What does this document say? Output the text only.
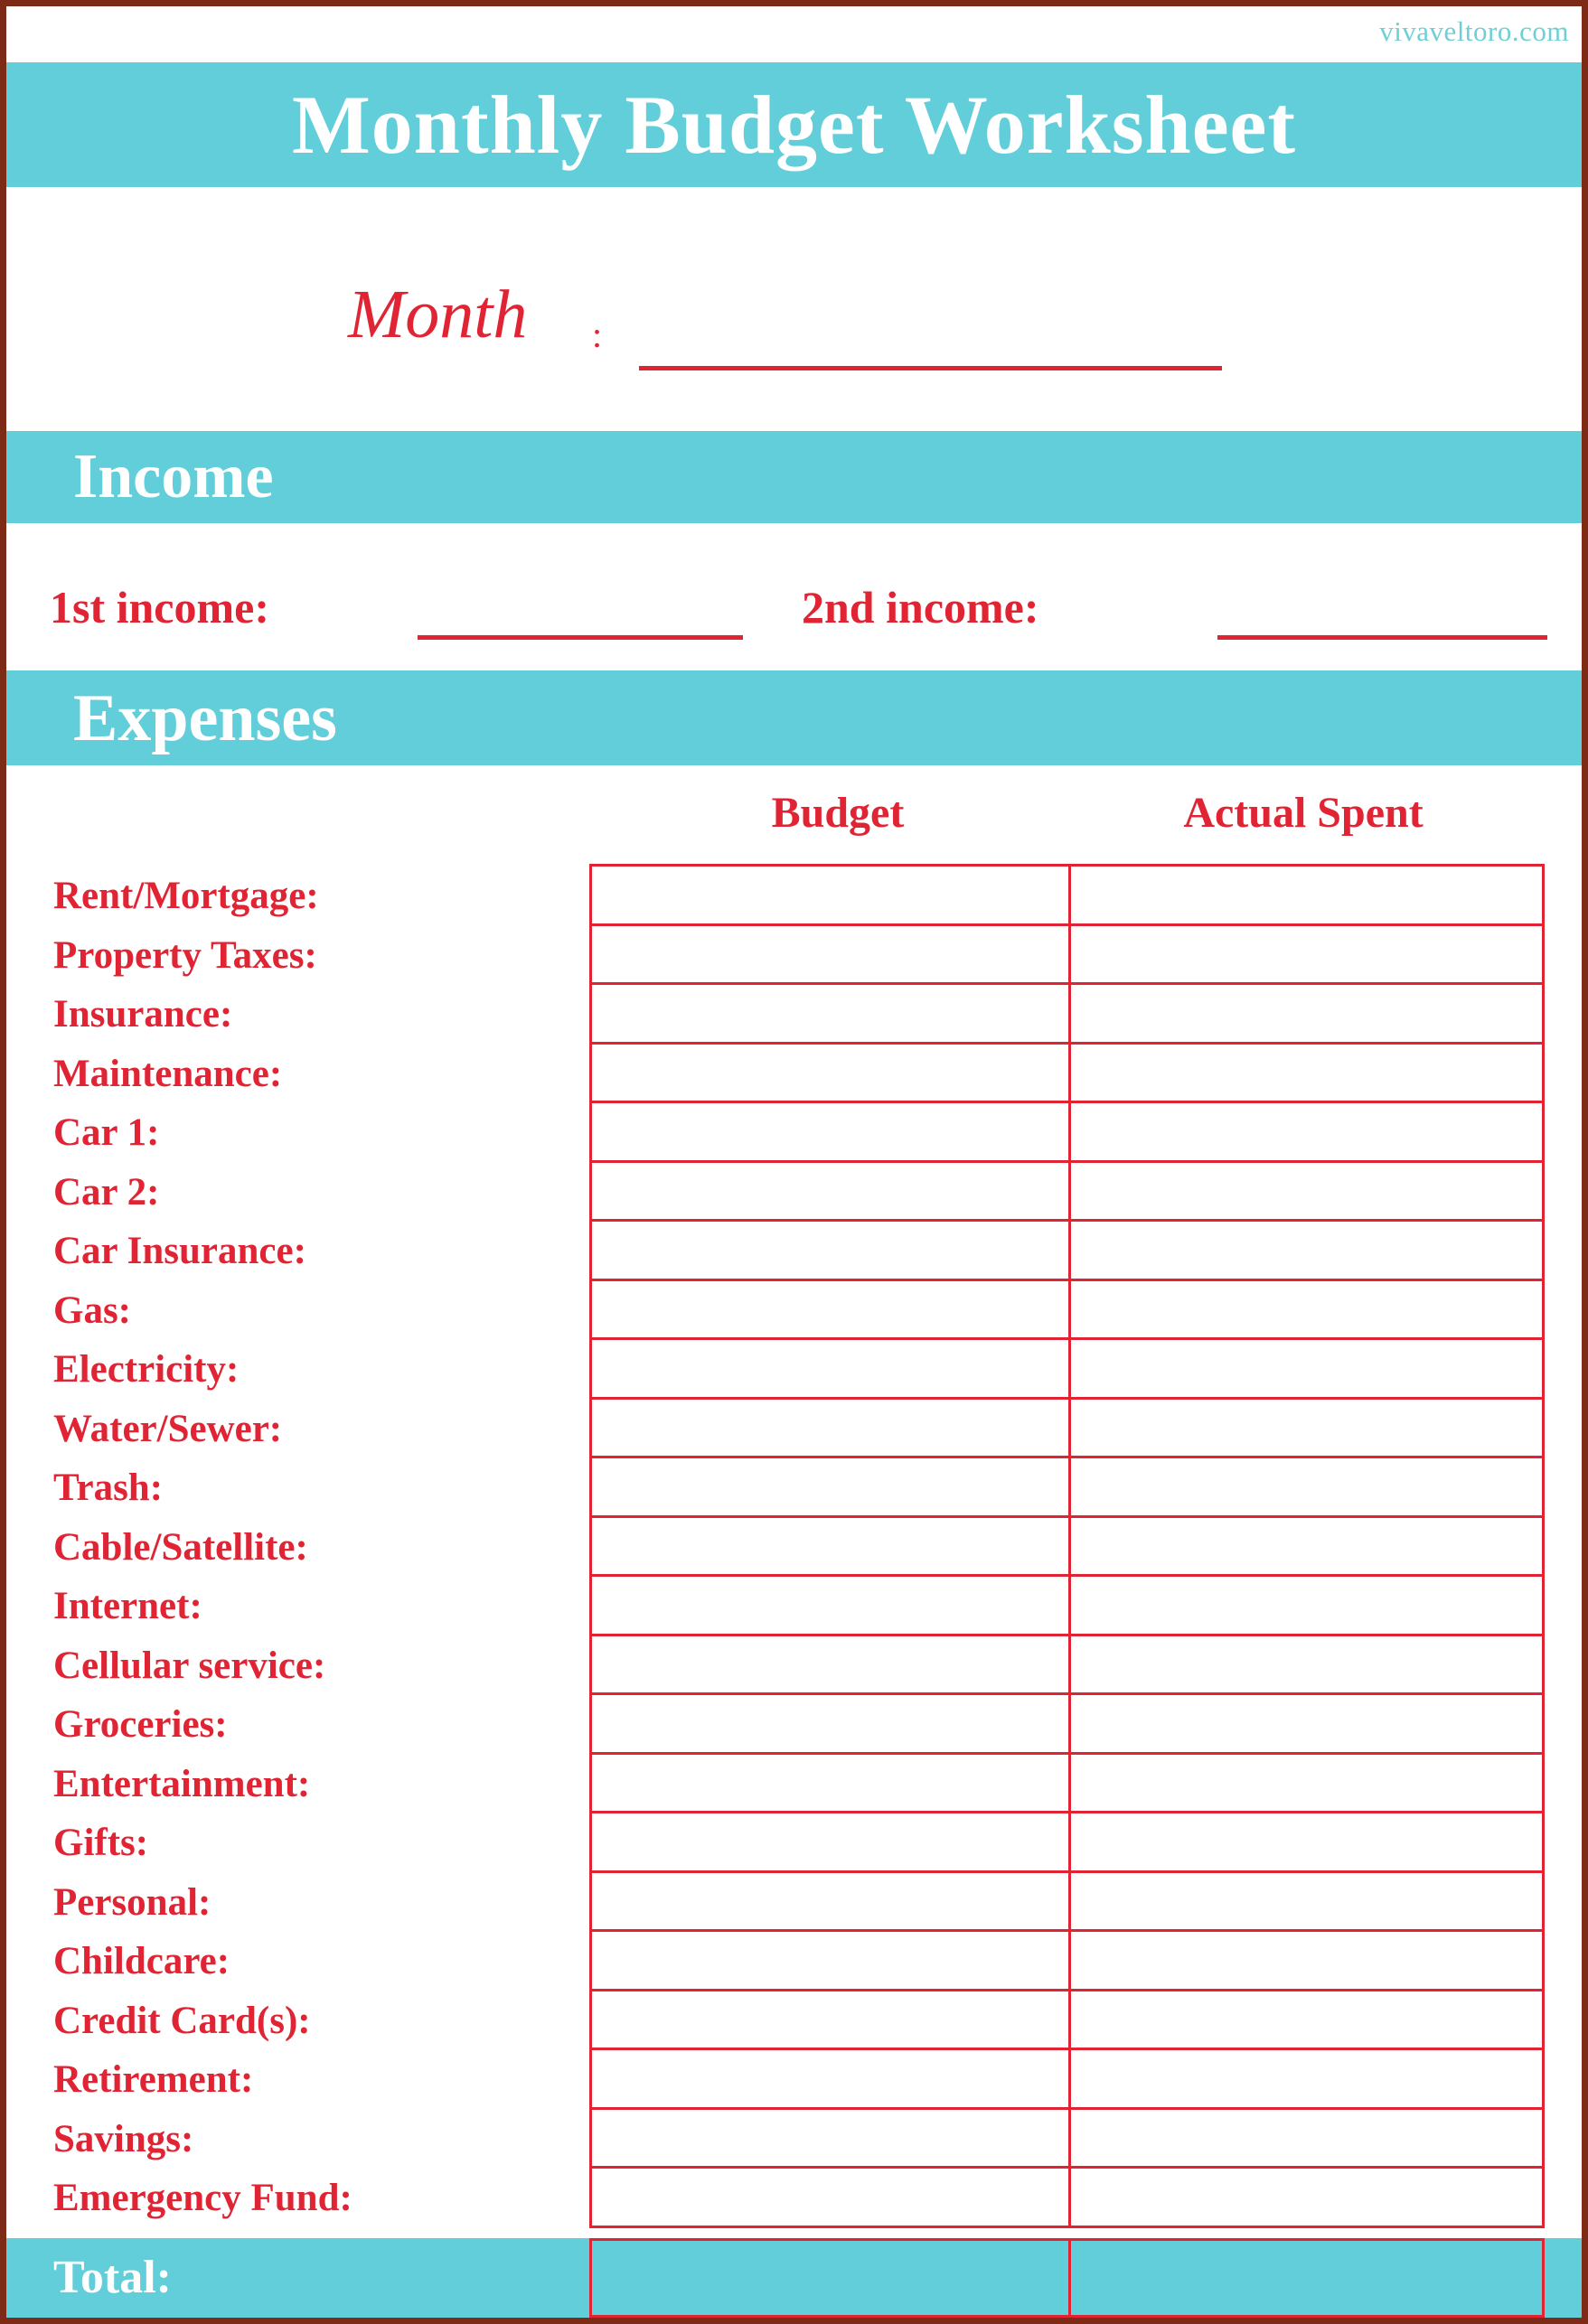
vivaveltoro.com
Monthly Budget Worksheet
Month :
Income
1st income:	2nd income:
Expenses
Budget	Actual Spent
Rent/Mortgage:
Property Taxes:
Insurance:
Maintenance:
Car 1:
Car 2:
Car Insurance:
Gas:
Electricity:
Water/Sewer:
Trash:
Cable/Satellite:
Internet:
Cellular service:
Groceries:
Entertainment:
Gifts:
Personal:
Childcare:
Credit Card(s):
Retirement:
Savings:
Emergency Fund:
Total:
